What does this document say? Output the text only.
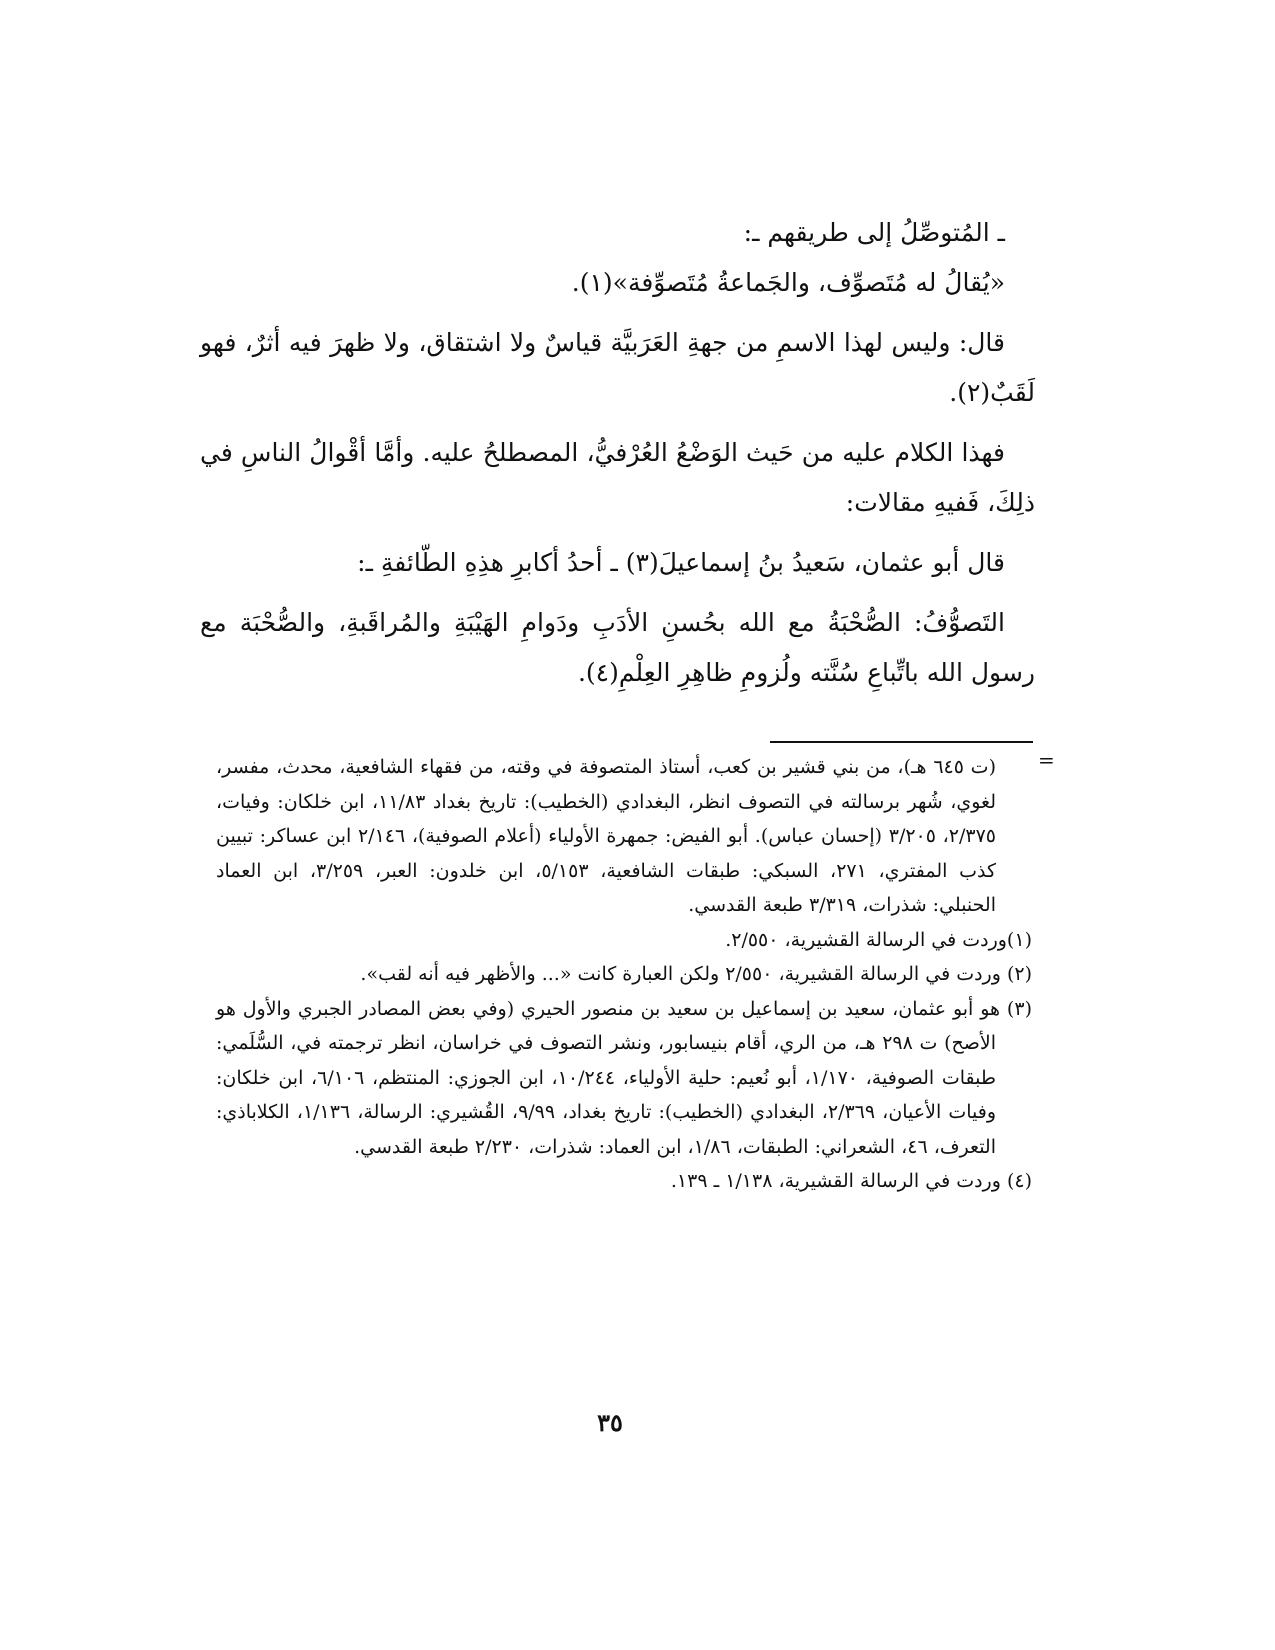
ـ المُتوصِّلُ إلى طريقهم ـ:

«يُقالُ له مُتَصوِّف، والجَماعةُ مُتَصوِّفة»(١).

قال: وليس لهذا الاسمِ من جهةِ العَرَبيَّة قياسٌ ولا اشتقاق، ولا ظهرَ فيه أثرٌ، فهو لَقَبٌ(٢).

فهذا الكلام عليه من حَيث الوَضْعُ العُرْفيُّ، المصطلحُ عليه. وأمَّا أقْوالُ الناسِ في ذلِكَ، فَفيهِ مقالات:

قال أبو عثمان، سَعيدُ بنُ إسماعيلَ(٣) ـ أحدُ أكابرِ هذِهِ الطّائفةِ ـ:

التَصوُّفُ: الصُّحْبَةُ مع الله بحُسنِ الأدَبِ ودَوامِ الهَيْبَةِ والمُراقَبةِ، والصُّحْبَة مع رسول الله باتِّباعِ سُنَّته ولُزومِ ظاهِرِ العِلْمِ(٤).

=

(ت ٦٤٥ هـ)، من بني قشير بن كعب، أستاذ المتصوفة في وقته، من فقهاء الشافعية، محدث، مفسر، لغوي، شُهر برسالته في التصوف انظر، البغدادي (الخطيب): تاريخ بغداد ١١/٨٣، ابن خلكان: وفيات، ٢/٣٧٥، ٣/٢٠٥ (إحسان عباس). أبو الفيض: جمهرة الأولياء (أعلام الصوفية)، ٢/١٤٦ ابن عساكر: تبيين كذب المفتري، ٢٧١، السبكي: طبقات الشافعية، ٥/١٥٣، ابن خلدون: العبر، ٣/٢٥٩، ابن العماد الحنبلي: شذرات، ٣/٣١٩ طبعة القدسي.

(١)وردت في الرسالة القشيرية، ٢/٥٥٠.

(٢) وردت في الرسالة القشيرية، ٢/٥٥٠ ولكن العبارة كانت «... والأظهر فيه أنه لقب».

(٣) هو أبو عثمان، سعيد بن إسماعيل بن سعيد بن منصور الحيري (وفي بعض المصادر الجبري والأول هو الأصح) ت ٢٩٨ هـ، من الري، أقام بنيسابور، ونشر التصوف في خراسان، انظر ترجمته في، السُّلَمي: طبقات الصوفية، ١/١٧٠، أبو نُعيم: حلية الأولياء، ١٠/٢٤٤، ابن الجوزي: المنتظم، ٦/١٠٦، ابن خلكان: وفيات الأعيان، ٢/٣٦٩، البغدادي (الخطيب): تاريخ بغداد، ٩/٩٩، القُشيري: الرسالة، ١/١٣٦، الكلاباذي: التعرف، ٤٦، الشعراني: الطبقات، ١/٨٦، ابن العماد: شذرات، ٢/٢٣٠ طبعة القدسي.

(٤) وردت في الرسالة القشيرية، ١/١٣٨ ـ ١٣٩.

٣٥
